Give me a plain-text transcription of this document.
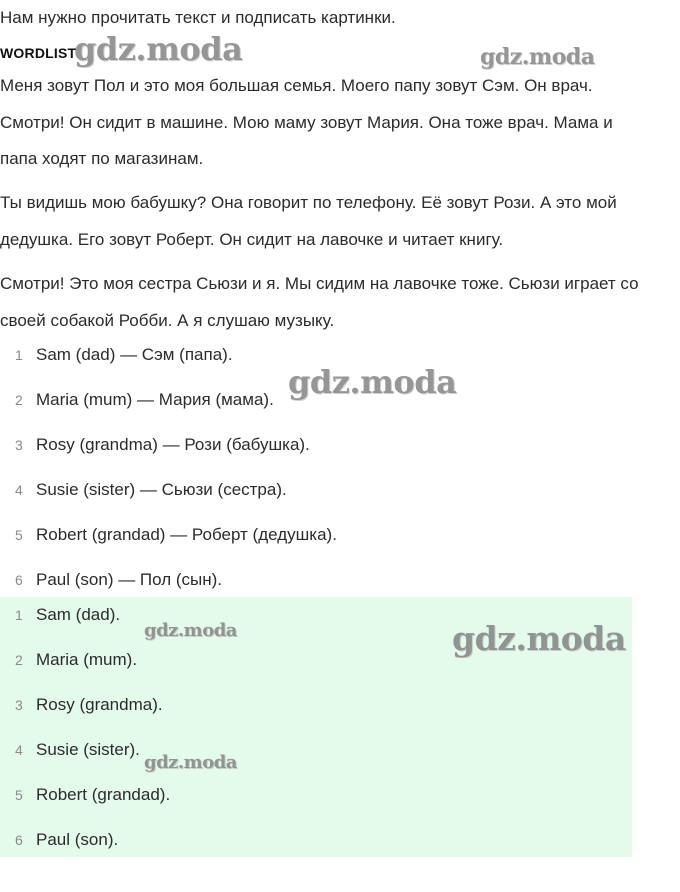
Нам нужно прочитать текст и подписать картинки.
WORDLIST
Меня зовут Пол и это моя большая семья. Моего папу зовут Сэм. Он врач.
Смотри! Он сидит в машине. Мою маму зовут Мария. Она тоже врач. Мама и
папа ходят по магазинам.
Ты видишь мою бабушку? Она говорит по телефону. Её зовут Рози. А это мой
дедушка. Его зовут Роберт. Он сидит на лавочке и читает книгу.
Смотри! Это моя сестра Сьюзи и я. Мы сидим на лавочке тоже. Сьюзи играет со
своей собакой Робби. А я слушаю музыку.
1 Sam (dad) — Сэм (папа).
2 Maria (mum) — Мария (мама).
3 Rosy (grandma) — Рози (бабушка).
4 Susie (sister) — Сьюзи (сестра).
5 Robert (grandad) — Роберт (дедушка).
6 Paul (son) — Пол (сын).
1 Sam (dad).
2 Maria (mum).
3 Rosy (grandma).
4 Susie (sister).
5 Robert (grandad).
6 Paul (son).
gdz.moda	gdz.moda
gdz.moda
gdz.moda
gdz.moda
gdz.moda
